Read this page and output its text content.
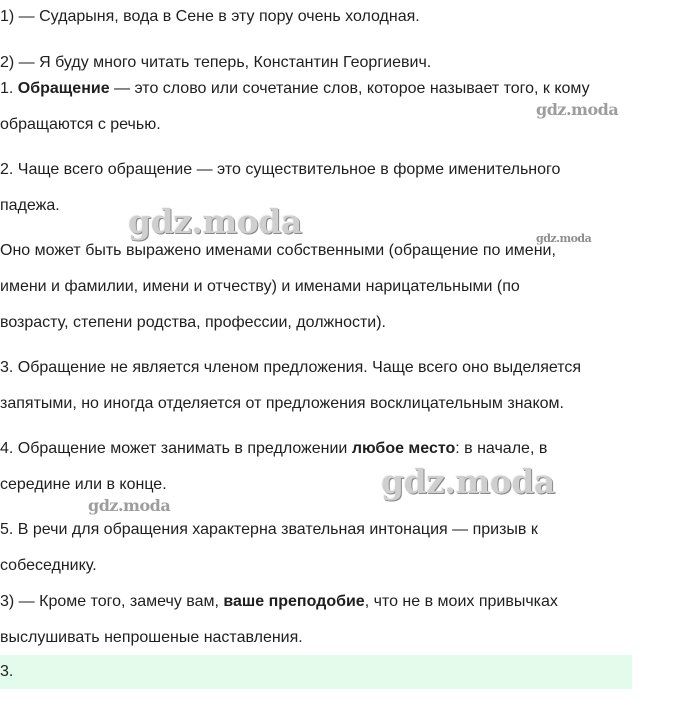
1) — Сударыня, вода в Сене в эту пору очень холодная.
2) — Я буду много читать теперь, Константин Георгиевич.
1. Обращение — это слово или сочетание слов, которое называет того, к кому
обращаются с речью.
2. Чаще всего обращение — это существительное в форме именительного
падежа.
Оно может быть выражено именами собственными (обращение по имени,
имени и фамилии, имени и отчеству) и именами нарицательными (по
возрасту, степени родства, профессии, должности).
3. Обращение не является членом предложения. Чаще всего оно выделяется
запятыми, но иногда отделяется от предложения восклицательным знаком.
4. Обращение может занимать в предложении любое место: в начале, в
середине или в конце.
5. В речи для обращения характерна звательная интонация — призыв к
собеседнику.
3) — Кроме того, замечу вам, ваше преподобие, что не в моих привычках
выслушивать непрошеные наставления.
3.
gdz.moda
gdz.moda	gdz.moda
gdz.moda
gdz.moda
